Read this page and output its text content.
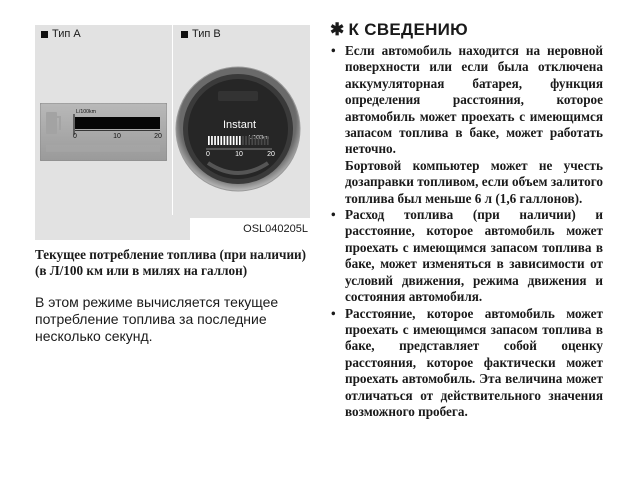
Тип A	Тип B
L/100km
0	10	20
Instant
0	10	20
OSL040205L
Текущее потребление топлива (при наличии) (в Л/100 км или в милях на галлон)
В этом режиме вычисляется текущее потребление топлива за последние несколько секунд.
✱ К СВЕДЕНИЮ
• Если автомобиль находится на неровной поверхности или если была отключена аккумуляторная батарея, функция определения расстояния, которое автомобиль может проехать с имеющимся запасом топлива в баке, может работать неточно.
Бортовой компьютер может не учесть дозаправки топливом, если объем залитого топлива был меньше 6 л (1,6 галлонов).
• Расход топлива (при наличии) и расстояние, которое автомобиль может проехать с имеющимся запасом топлива в баке, может изменяться в зависимости от условий движения, режима движения и состояния автомобиля.
• Расстояние, которое автомобиль может проехать с имеющимся запасом топлива в баке, представляет собой оценку расстояния, которое фактически может проехать автомобиль. Эта величина может отличаться от действительного значения возможного пробега.
